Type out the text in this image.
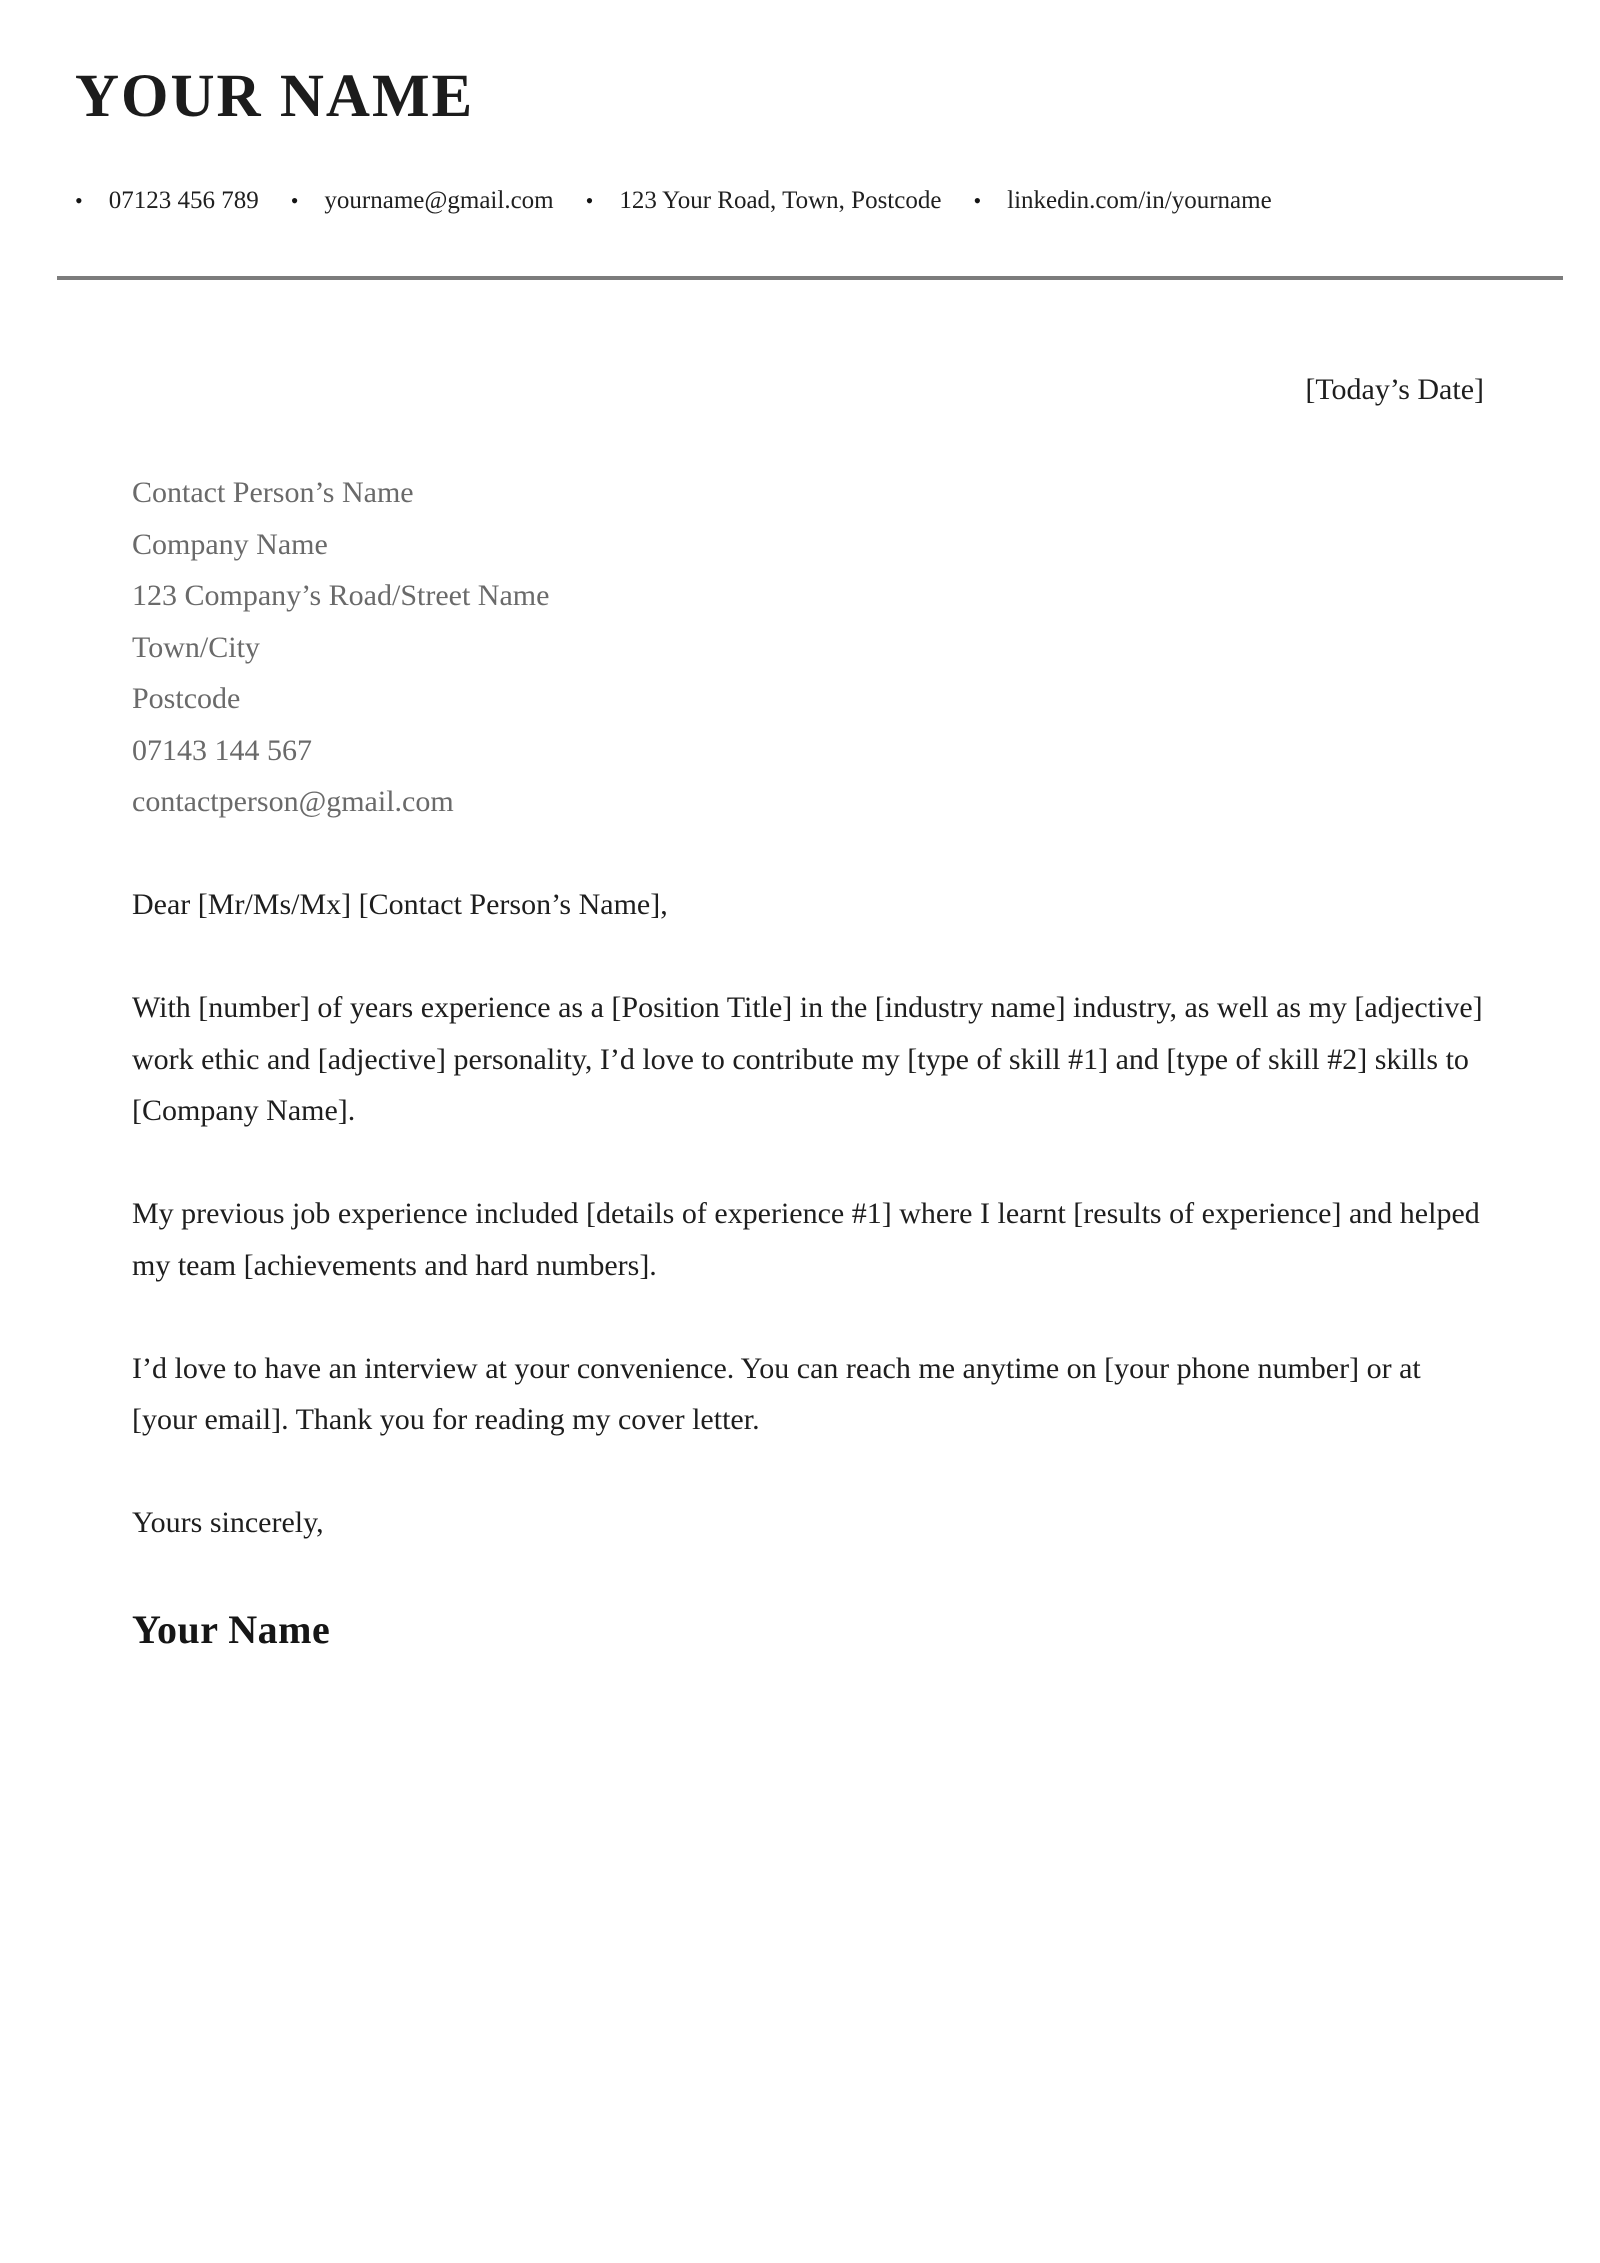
YOUR NAME
• 07123 456 789 • yourname@gmail.com • 123 Your Road, Town, Postcode • linkedin.com/in/yourname

[Today’s Date]

Contact Person’s Name
Company Name
123 Company’s Road/Street Name
Town/City
Postcode
07143 144 567
contactperson@gmail.com

Dear [Mr/Ms/Mx] [Contact Person’s Name],

With [number] of years experience as a [Position Title] in the [industry name] industry, as well as my [adjective] work ethic and [adjective] personality, I’d love to contribute my [type of skill #1] and [type of skill #2] skills to [Company Name].

My previous job experience included [details of experience #1] where I learnt [results of experience] and helped my team [achievements and hard numbers].

I’d love to have an interview at your convenience. You can reach me anytime on [your phone number] or at [your email]. Thank you for reading my cover letter.

Yours sincerely,

Your Name
